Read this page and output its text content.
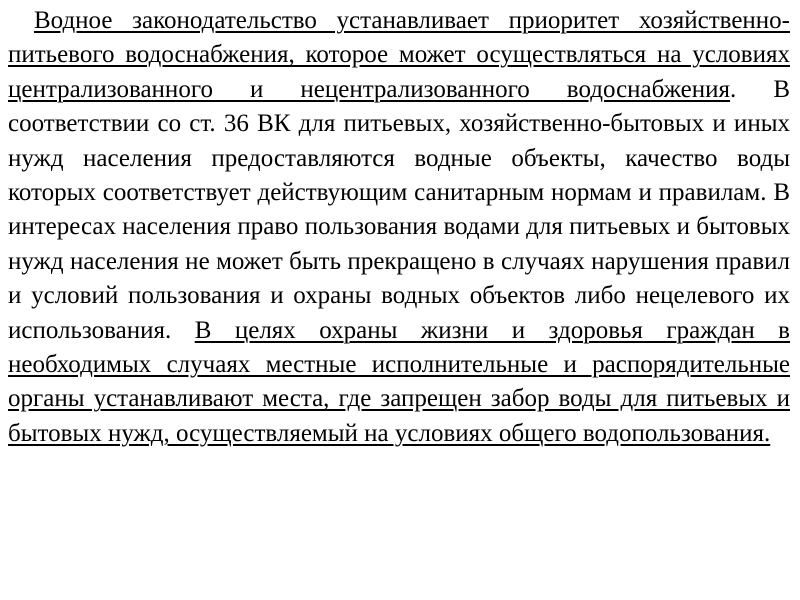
Водное законодательство устанавливает приоритет хозяйственно-питьевого водоснабжения, которое может осуществляться на условиях централизованного и нецентрализованного водоснабжения. В соответствии со ст. 36 ВК для питьевых, хозяйственно-бытовых и иных нужд населения предоставляются водные объекты, качество воды которых соответствует действующим санитарным нормам и правилам. В интересах населения право пользования водами для питьевых и бытовых нужд населения не может быть прекращено в случаях нарушения правил и условий пользования и охраны водных объектов либо нецелевого их использования. В целях охраны жизни и здоровья граждан в необходимых случаях местные исполнительные и распорядительные органы устанавливают места, где запрещен забор воды для питьевых и бытовых нужд, осуществляемый на условиях общего водопользования.
